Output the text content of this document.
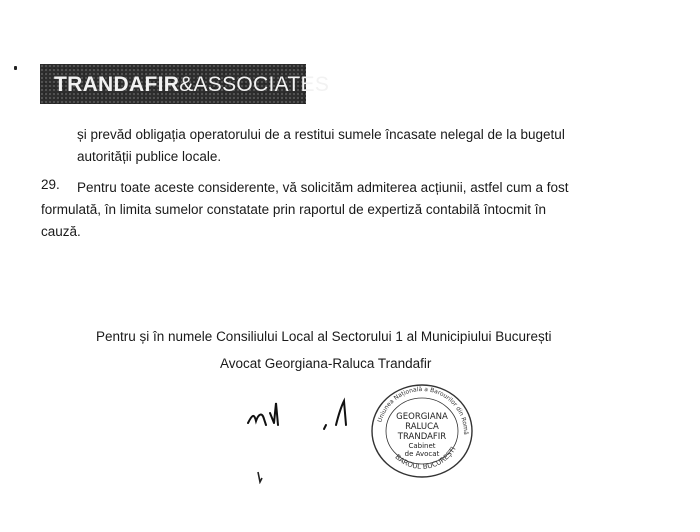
TRANDAFIR&ASSOCIATES
și prevăd obligația operatorului de a restitui sumele încasate nelegal de la bugetul
autorității publice locale.
29. Pentru toate aceste considerente, vă solicităm admiterea acțiunii, astfel cum a fost
formulată, în limita sumelor constatate prin raportul de expertiză contabilă întocmit în
cauză.
Pentru și în numele Consiliului Local al Sectorului 1 al Municipiului București
Avocat Georgiana-Raluca Trandafir
Uniunea Națională a Barourilor din Româ
BAROUL BUCUREȘTI
GEORGIANA
RALUCA
TRANDAFIR
Cabinet
de Avocat
